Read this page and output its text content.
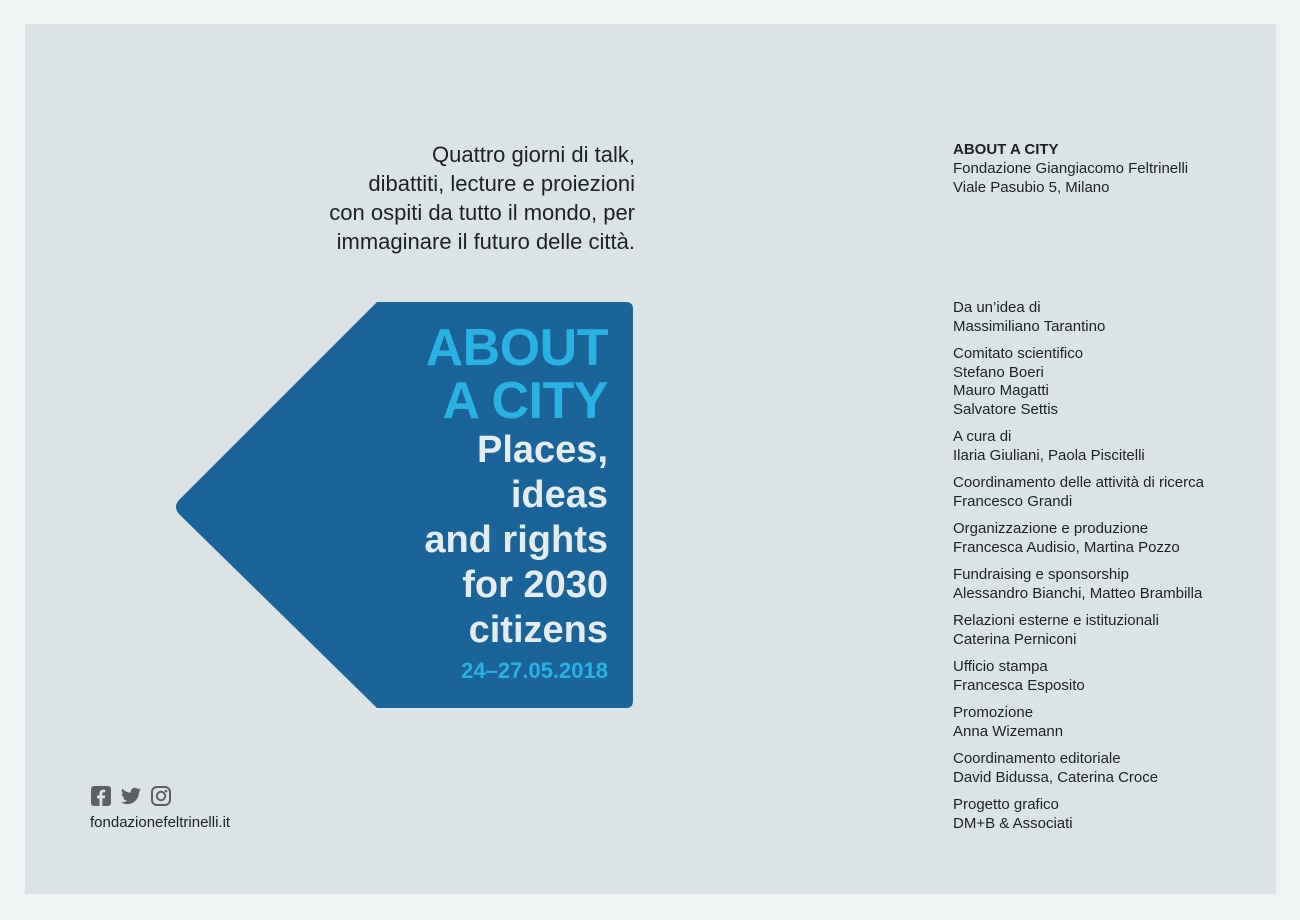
Quattro giorni di talk,
dibattiti, lecture e proiezioni
con ospiti da tutto il mondo, per
immaginare il futuro delle città.
ABOUT
A CITY
Places,
ideas
and rights
for 2030
citizens
24–27.05.2018
fondazionefeltrinelli.it
ABOUT A CITY
Fondazione Giangiacomo Feltrinelli
Viale Pasubio 5, Milano
Da un’idea di
Massimiliano Tarantino
Comitato scientifico
Stefano Boeri
Mauro Magatti
Salvatore Settis
A cura di
Ilaria Giuliani, Paola Piscitelli
Coordinamento delle attività di ricerca
Francesco Grandi
Organizzazione e produzione
Francesca Audisio, Martina Pozzo
Fundraising e sponsorship
Alessandro Bianchi, Matteo Brambilla
Relazioni esterne e istituzionali
Caterina Perniconi
Ufficio stampa
Francesca Esposito
Promozione
Anna Wizemann
Coordinamento editoriale
David Bidussa, Caterina Croce
Progetto grafico
DM+B & Associati
